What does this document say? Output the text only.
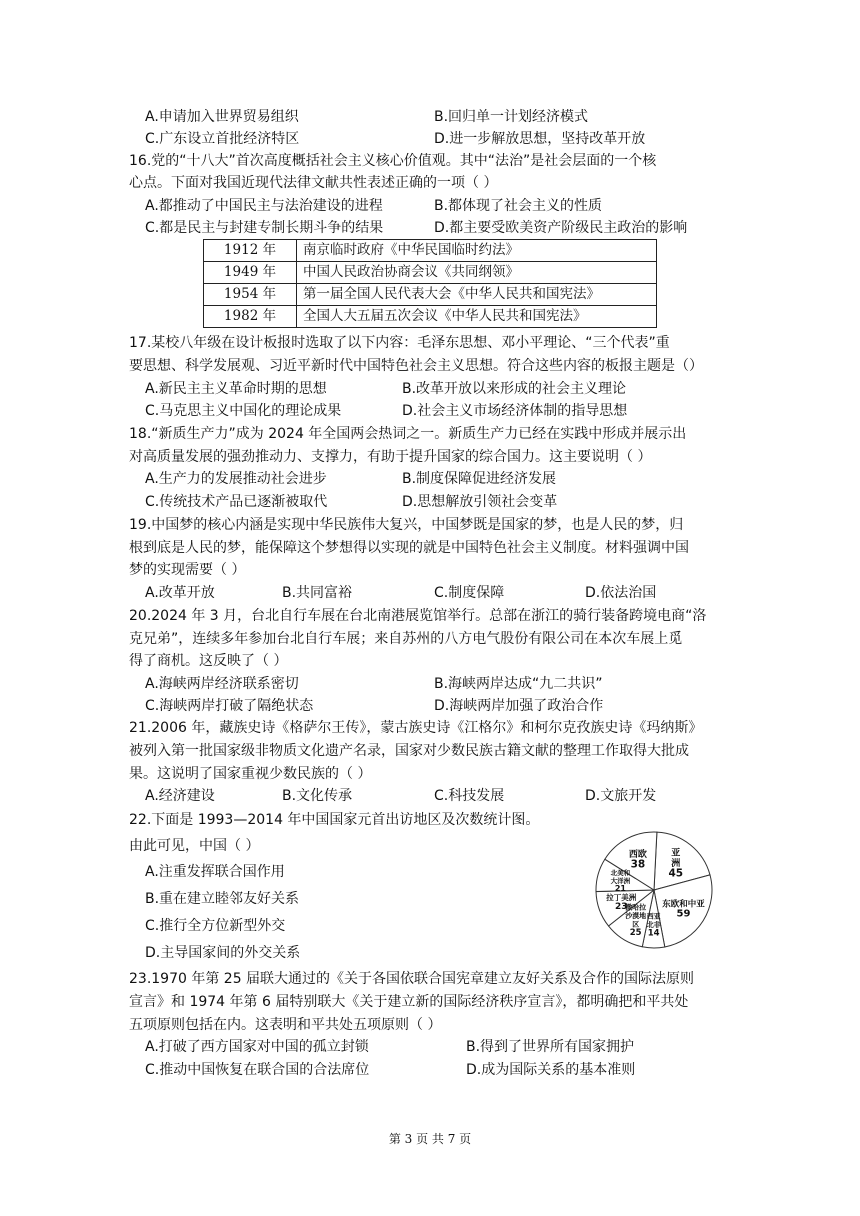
A.申请加入世界贸易组织	B.回归单一计划经济模式
C.广东设立首批经济特区	D.进一步解放思想，坚持改革开放
16.党的“十八大”首次高度概括社会主义核心价值观。其中“法治”是社会层面的一个核
心点。下面对我国近现代法律文献共性表述正确的一项（ ）
A.都推动了中国民主与法治建设的进程	B.都体现了社会主义的性质
C.都是民主与封建专制长期斗争的结果	D.都主要受欧美资产阶级民主政治的影响
1912 年	南京临时政府《中华民国临时约法》
1949 年	中国人民政治协商会议《共同纲领》
1954 年	第一届全国人民代表大会《中华人民共和国宪法》
1982 年	全国人大五届五次会议《中华人民共和国宪法》
17.某校八年级在设计板报时选取了以下内容：毛泽东思想、邓小平理论、“三个代表”重
要思想、科学发展观、习近平新时代中国特色社会主义思想。符合这些内容的板报主题是（）
A.新民主主义革命时期的思想	B.改革开放以来形成的社会主义理论
C.马克思主义中国化的理论成果	D.社会主义市场经济体制的指导思想
18.“新质生产力”成为 2024 年全国两会热词之一。新质生产力已经在实践中形成并展示出
对高质量发展的强劲推动力、支撑力，有助于提升国家的综合国力。这主要说明（ ）
A.生产力的发展推动社会进步	B.制度保障促进经济发展
C.传统技术产品已逐渐被取代	D.思想解放引领社会变革
19.中国梦的核心内涵是实现中华民族伟大复兴，中国梦既是国家的梦，也是人民的梦，归
根到底是人民的梦，能保障这个梦想得以实现的就是中国特色社会主义制度。材料强调中国
梦的实现需要（ ）
A.改革开放	B.共同富裕	C.制度保障	D.依法治国
20.2024 年 3 月，台北自行车展在台北南港展览馆举行。总部在浙江的骑行装备跨境电商“洛
克兄弟”，连续多年参加台北自行车展；来自苏州的八方电气股份有限公司在本次车展上觅
得了商机。这反映了（ ）
A.海峡两岸经济联系密切	B.海峡两岸达成“九二共识”
C.海峡两岸打破了隔绝状态	D.海峡两岸加强了政治合作
21.2006 年，藏族史诗《格萨尔王传》，蒙古族史诗《江格尔》和柯尔克孜族史诗《玛纳斯》
被列入第一批国家级非物质文化遗产名录，国家对少数民族古籍文献的整理工作取得大批成
果。这说明了国家重视少数民族的（ ）
A.经济建设	B.文化传承	C.科技发展	D.文旅开发
22.下面是 1993—2014 年中国国家元首出访地区及次数统计图。
由此可见，中国（ ）
A.注重发挥联合国作用
B.重在建立睦邻友好关系
C.推行全方位新型外交
D.主导国家间的外交关系
亚洲 45
东欧和中亚 59
西亚北非 14
撒哈拉沙漠地区 25
拉丁美洲 23
北美和大洋洲 21
西欧 38
23.1970 年第 25 届联大通过的《关于各国依联合国宪章建立友好关系及合作的国际法原则
宣言》和 1974 年第 6 届特别联大《关于建立新的国际经济秩序宣言》，都明确把和平共处
五项原则包括在内。这表明和平共处五项原则（ ）
A.打破了西方国家对中国的孤立封锁	B.得到了世界所有国家拥护
C.推动中国恢复在联合国的合法席位	D.成为国际关系的基本准则
第 3 页 共 7 页
